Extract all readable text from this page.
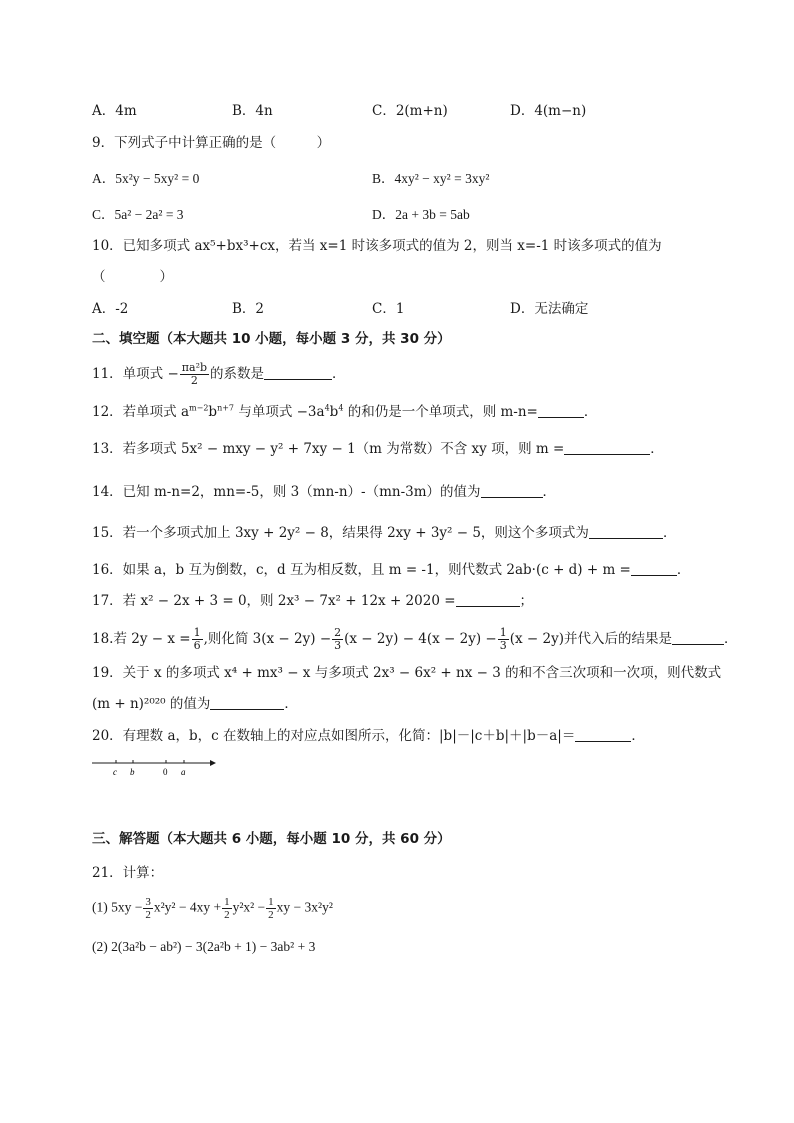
A．4m	B．4n	C．2(m+n)	D．4(m−n)
9．下列式子中计算正确的是（　　　）
A．5x²y − 5xy² = 0	B．4xy² − xy² = 3xy²
C．5a² − 2a² = 3	D．2a + 3b = 5ab
10．已知多项式 ax⁵+bx³+cx，若当 x=1 时该多项式的值为 2，则当 x=-1 时该多项式的值为
（　　　　）
A．-2	B．2	C．1	D．无法确定
二、填空题（本大题共 10 小题，每小题 3 分，共 30 分）
11．单项式 − $\frac{\text{πa²b}}{2}$ 的系数是	．
12．若单项式 $a^{m-2}b^{n+7}$ 与单项式 $-3a^4b^4$ 的和仍是一个单项式，则 m-n=	．
13．若多项式 5x² − mxy − y² + 7xy − 1（m 为常数）不含 xy 项，则 m =	．
14．已知 m-n=2，mn=-5，则 3（mn-n）-（mn-3m）的值为	．
15．若一个多项式加上 3xy + 2y² − 8，结果得 2xy + 3y² − 5，则这个多项式为	．
16．如果 a，b 互为倒数，c，d 互为相反数，且 m = -1，则代数式 2ab·(c + d) + m =	．
17．若 x² − 2x + 3 = 0，则 2x³ − 7x² + 12x + 2020 =	；
18.若 $2y - x = \frac{1}{6}$ ,则化简 $3(x - 2y) - \frac{2}{3} (x - 2y) - 4(x - 2y) - \frac{1}{3} (x - 2y)$并代入后的结果是	．
19．关于 x 的多项式 x⁴ + mx³ − x 与多项式 2x³ − 6x² + nx − 3 的和不含三次项和一次项，则代数式
(m + n)²⁰²⁰ 的值为	．
20．有理数 a，b，c 在数轴上的对应点如图所示，化简：|b|－|c＋b|＋|b－a|＝	．
c b	0 a
三、解答题（本大题共 6 小题，每小题 10 分，共 60 分）
21．计算：
(1) $5xy - \frac{3}{2} x^2y^2 - 4xy + \frac{1}{2} y^2x^2 - \frac{1}{2}$ xy − 3x²y²
(2) 2(3a²b − ab²) − 3(2a²b + 1) − 3ab² + 3
